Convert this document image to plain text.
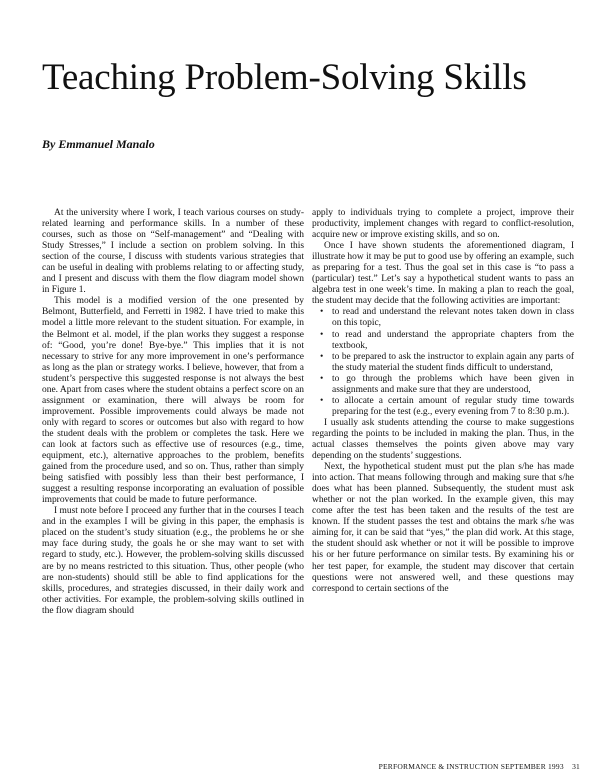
Teaching Problem-Solving Skills

By Emmanuel Manalo

At the university where I work, I teach various courses on study-related learning and performance skills. In a number of these courses, such as those on “Self-management” and “Dealing with Study Stresses,” I include a section on problem solving. In this section of the course, I discuss with students various strategies that can be useful in dealing with problems relating to or affecting study, and I present and discuss with them the flow diagram model shown in Figure 1.

This model is a modified version of the one presented by Belmont, Butterfield, and Ferretti in 1982. I have tried to make this model a little more relevant to the student situation. For example, in the Belmont et al. model, if the plan works they suggest a response of: “Good, you’re done! Bye-bye.” This implies that it is not necessary to strive for any more improvement in one’s performance as long as the plan or strategy works. I believe, however, that from a student’s perspective this suggested response is not always the best one. Apart from cases where the student obtains a perfect score on an assignment or examination, there will always be room for improvement. Possible improvements could always be made not only with regard to scores or outcomes but also with regard to how the student deals with the problem or completes the task. Here we can look at factors such as effective use of resources (e.g., time, equipment, etc.), alternative approaches to the problem, benefits gained from the procedure used, and so on. Thus, rather than simply being satisfied with possibly less than their best performance, I suggest a resulting response incorporating an evaluation of possible improvements that could be made to future performance.

I must note before I proceed any further that in the courses I teach and in the examples I will be giving in this paper, the emphasis is placed on the student’s study situation (e.g., the problems he or she may face during study, the goals he or she may want to set with regard to study, etc.). However, the problem-solving skills discussed are by no means restricted to this situation. Thus, other people (who are non-students) should still be able to find applications for the skills, procedures, and strategies discussed, in their daily work and other activities. For example, the problem-solving skills outlined in the flow diagram should

apply to individuals trying to complete a project, improve their productivity, implement changes with regard to conflict-resolution, acquire new or improve existing skills, and so on.

Once I have shown students the aforementioned diagram, I illustrate how it may be put to good use by offering an example, such as preparing for a test. Thus the goal set in this case is “to pass a (particular) test.” Let’s say a hypothetical student wants to pass an algebra test in one week’s time. In making a plan to reach the goal, the student may decide that the following activities are important:

• to read and understand the relevant notes taken down in class on this topic,
• to read and understand the appropriate chapters from the textbook,
• to be prepared to ask the instructor to explain again any parts of the study material the student finds difficult to understand,
• to go through the problems which have been given in assignments and make sure that they are understood,
• to allocate a certain amount of regular study time towards preparing for the test (e.g., every evening from 7 to 8:30 p.m.).

I usually ask students attending the course to make suggestions regarding the points to be included in making the plan. Thus, in the actual classes themselves the points given above may vary depending on the students’ suggestions.

Next, the hypothetical student must put the plan s/he has made into action. That means following through and making sure that s/he does what has been planned. Subsequently, the student must ask whether or not the plan worked. In the example given, this may come after the test has been taken and the results of the test are known. If the student passes the test and obtains the mark s/he was aiming for, it can be said that “yes,” the plan did work. At this stage, the student should ask whether or not it will be possible to improve his or her future performance on similar tests. By examining his or her test paper, for example, the student may discover that certain questions were not answered well, and these questions may correspond to certain sections of the

PERFORMANCE & INSTRUCTION SEPTEMBER 1993 31
